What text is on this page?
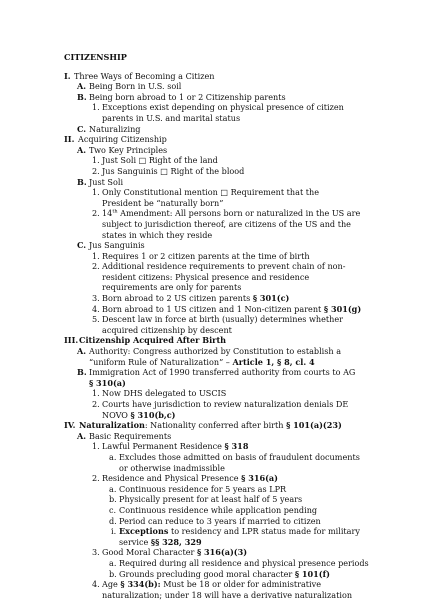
CITIZENSHIP
I. Three Ways of Becoming a Citizen
A. Being Born in U.S. soil
B. Being born abroad to 1 or 2 Citizenship parents
1. Exceptions exist depending on physical presence of citizen parents in U.S. and marital status
C. Naturalizing
II. Acquiring Citizenship
A. Two Key Principles
1. Just Soli □ Right of the land
2. Jus Sanguinis □ Right of the blood
B. Just Soli
1. Only Constitutional mention □ Requirement that the President be “naturally born”
2. 14th Amendment: All persons born or naturalized in the US are subject to jurisdiction thereof, are citizens of the US and the states in which they reside
C. Jus Sanguinis
1. Requires 1 or 2 citizen parents at the time of birth
2. Additional residence requirements to prevent chain of non-resident citizens: Physical presence and residence requirements are only for parents
3. Born abroad to 2 US citizen parents § 301(c)
4. Born abroad to 1 US citizen and 1 Non-citizen parent § 301(g)
5. Descent law in force at birth (usually) determines whether acquired citizenship by descent
III. Citizenship Acquired After Birth
A. Authority: Congress authorized by Constitution to establish a “uniform Rule of Naturalization” – Article 1, § 8, cl. 4
B. Immigration Act of 1990 transferred authority from courts to AG § 310(a)
1. Now DHS delegated to USCIS
2. Courts have jurisdiction to review naturalization denials DE NOVO § 310(b,c)
IV. Naturalization: Nationality conferred after birth § 101(a)(23)
A. Basic Requirements
1. Lawful Permanent Residence § 318
a. Excludes those admitted on basis of fraudulent documents or otherwise inadmissible
2. Residence and Physical Presence § 316(a)
a. Continuous residence for 5 years as LPR
b. Physically present for at least half of 5 years
c. Continuous residence while application pending
d. Period can reduce to 3 years if married to citizen
i. Exceptions to residency and LPR status made for military service §§ 328, 329
3. Good Moral Character § 316(a)(3)
a. Required during all residence and physical presence periods
b. Grounds precluding good moral character § 101(f)
4. Age § 334(b): Must be 18 or older for administrative naturalization; under 18 will have a derivative naturalization
